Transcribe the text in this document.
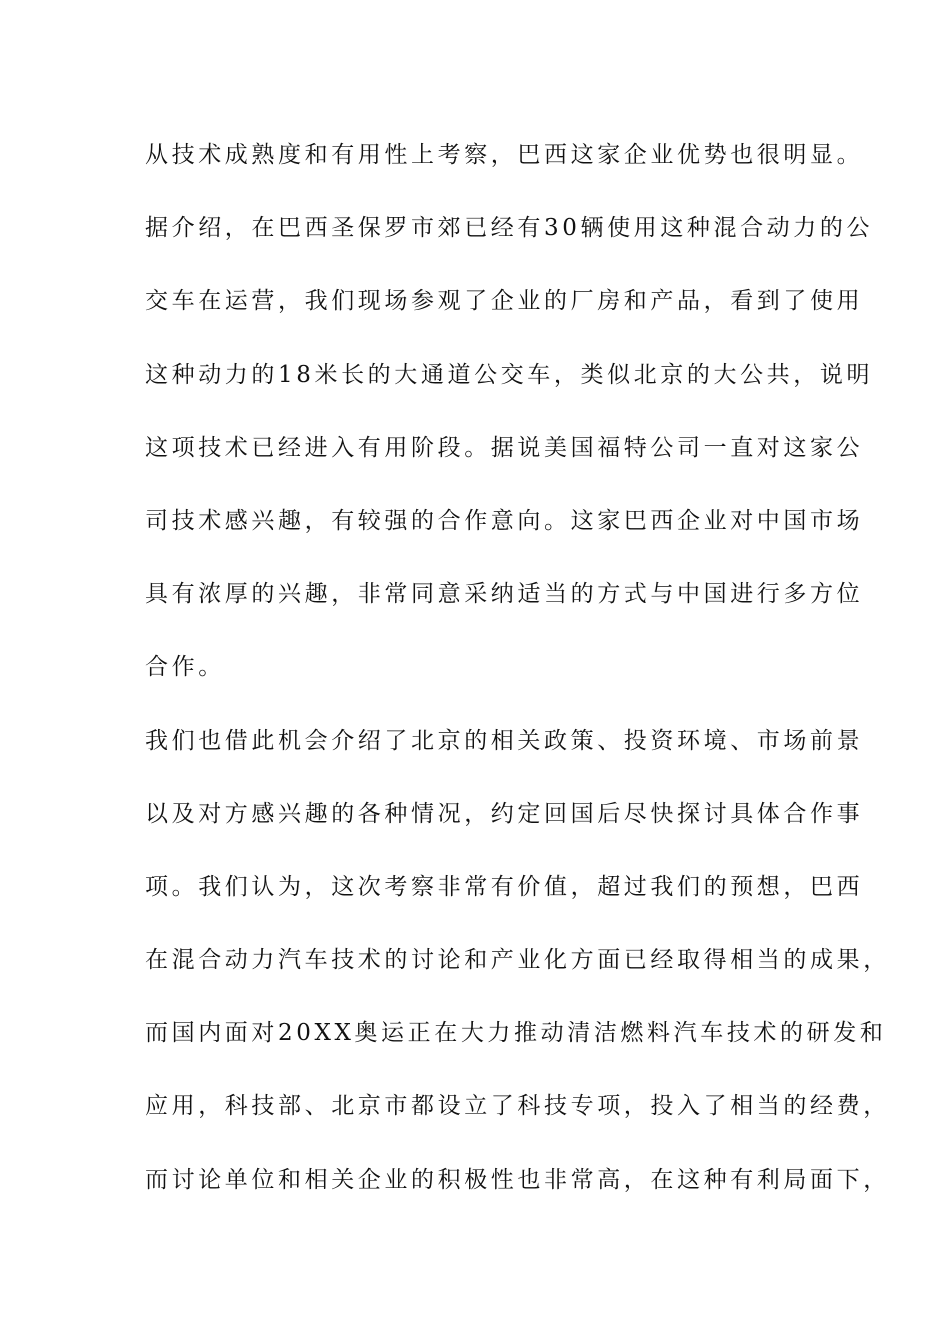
从技术成熟度和有用性上考察，巴西这家企业优势也很明显。
据介绍，在巴西圣保罗市郊已经有30辆使用这种混合动力的公
交车在运营，我们现场参观了企业的厂房和产品，看到了使用
这种动力的18米长的大通道公交车，类似北京的大公共，说明
这项技术已经进入有用阶段。据说美国福特公司一直对这家公
司技术感兴趣，有较强的合作意向。这家巴西企业对中国市场
具有浓厚的兴趣，非常同意采纳适当的方式与中国进行多方位
合作。
我们也借此机会介绍了北京的相关政策、投资环境、市场前景
以及对方感兴趣的各种情况，约定回国后尽快探讨具体合作事
项。我们认为，这次考察非常有价值，超过我们的预想，巴西
在混合动力汽车技术的讨论和产业化方面已经取得相当的成果，
而国内面对20XX奥运正在大力推动清洁燃料汽车技术的研发和
应用，科技部、北京市都设立了科技专项，投入了相当的经费，
而讨论单位和相关企业的积极性也非常高，在这种有利局面下，
